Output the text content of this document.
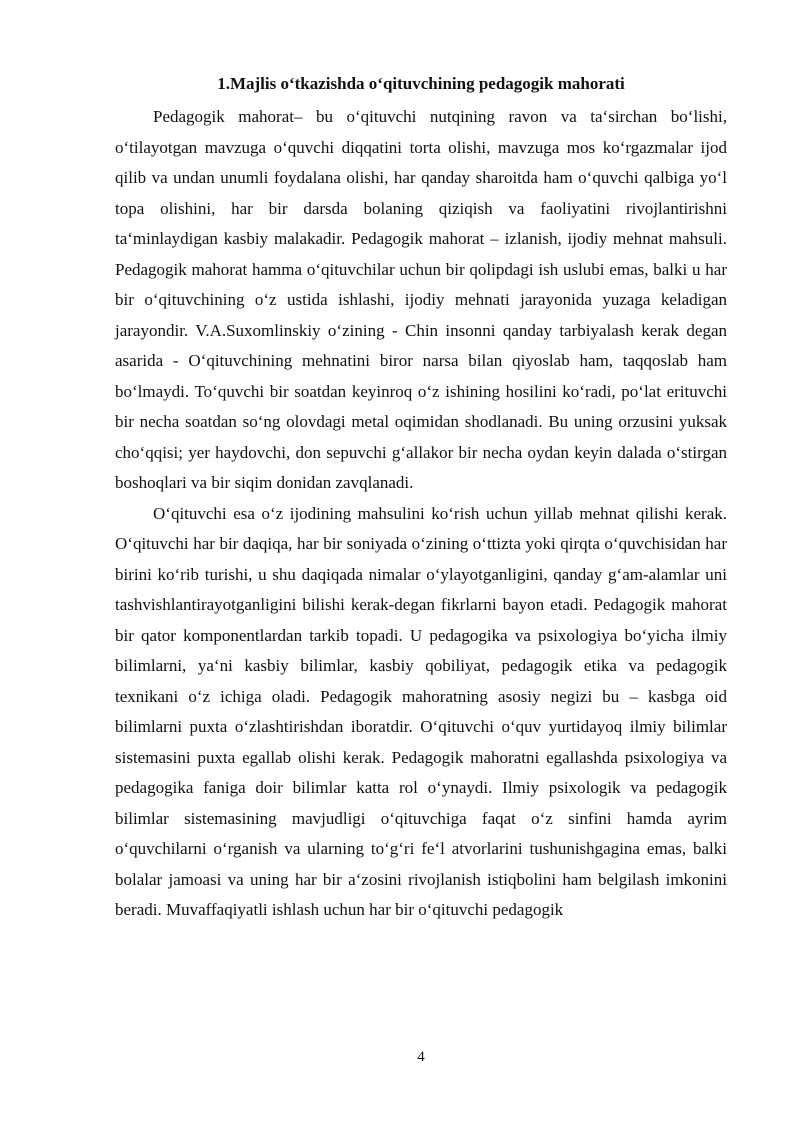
1.Majlis o‘tkazishda o‘qituvchining pedagogik mahorati

Pedagogik mahorat– bu o‘qituvchi nutqining ravon va ta‘sirchan bo‘lishi, o‘tilayotgan mavzuga o‘quvchi diqqatini torta olishi, mavzuga mos ko‘rgazmalar ijod qilib va undan unumli foydalana olishi, har qanday sharoitda ham o‘quvchi qalbiga yo‘l topa olishini, har bir darsda bolaning qiziqish va faoliyatini rivojlantirishni ta‘minlaydigan kasbiy malakadir. Pedagogik mahorat – izlanish, ijodiy mehnat mahsuli. Pedagogik mahorat hamma o‘qituvchilar uchun bir qolipdagi ish uslubi emas, balki u har bir o‘qituvchining o‘z ustida ishlashi, ijodiy mehnati jarayonida yuzaga keladigan jarayondir. V.A.Suxomlinskiy o‘zining - Chin insonni qanday tarbiyalash kerak degan asarida - O‘qituvchining mehnatini biror narsa bilan qiyoslab ham, taqqoslab ham bo‘lmaydi. To‘quvchi bir soatdan keyinroq o‘z ishining hosilini ko‘radi, po‘lat erituvchi bir necha soatdan so‘ng olovdagi metal oqimidan shodlanadi. Bu uning orzusini yuksak cho‘qqisi; yer haydovchi, don sepuvchi g‘allakor bir necha oydan keyin dalada o‘stirgan boshoqlari va bir siqim donidan zavqlanadi.

O‘qituvchi esa o‘z ijodining mahsulini ko‘rish uchun yillab mehnat qilishi kerak. O‘qituvchi har bir daqiqa, har bir soniyada o‘zining o‘ttizta yoki qirqta o‘quvchisidan har birini ko‘rib turishi, u shu daqiqada nimalar o‘ylayotganligini, qanday g‘am-alamlar uni tashvishlantirayotganligini bilishi kerak-degan fikrlarni bayon etadi. Pedagogik mahorat bir qator komponentlardan tarkib topadi. U pedagogika va psixologiya bo‘yicha ilmiy bilimlarni, ya‘ni kasbiy bilimlar, kasbiy qobiliyat, pedagogik etika va pedagogik texnikani o‘z ichiga oladi. Pedagogik mahoratning asosiy negizi bu – kasbga oid bilimlarni puxta o‘zlashtirishdan iboratdir. O‘qituvchi o‘quv yurtidayoq ilmiy bilimlar sistemasini puxta egallab olishi kerak. Pedagogik mahoratni egallashda psixologiya va pedagogika faniga doir bilimlar katta rol o‘ynaydi. Ilmiy psixologik va pedagogik bilimlar sistemasining mavjudligi o‘qituvchiga faqat o‘z sinfini hamda ayrim o‘quvchilarni o‘rganish va ularning to‘g‘ri fe‘l atvorlarini tushunishgagina emas, balki bolalar jamoasi va uning har bir a‘zosini rivojlanish istiqbolini ham belgilash imkonini beradi. Muvaffaqiyatli ishlash uchun har bir o‘qituvchi pedagogik

4
